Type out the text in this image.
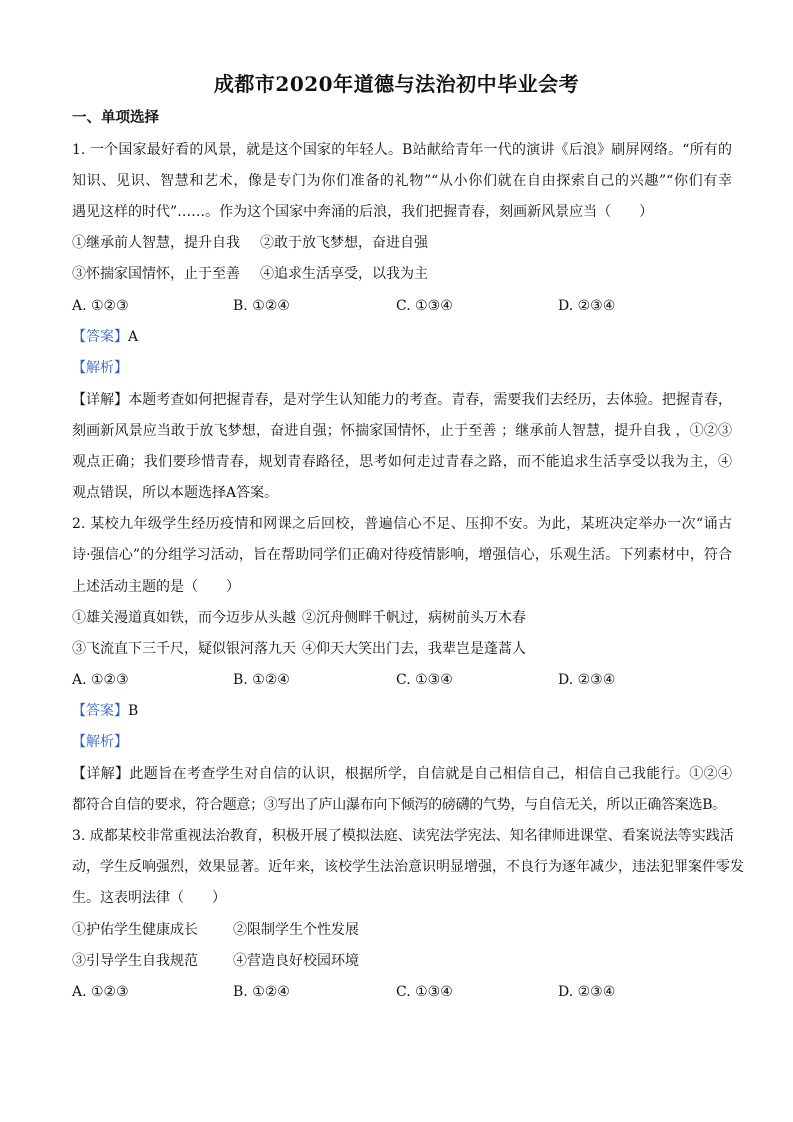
成都市2020年道德与法治初中毕业会考
一、单项选择
1. 一个国家最好看的风景，就是这个国家的年轻人。B站献给青年一代的演讲《后浪》刷屏网络。“所有的
知识、见识、智慧和艺术，像是专门为你们准备的礼物”“从小你们就在自由探索自己的兴趣”“你们有幸
遇见这样的时代”……。作为这个国家中奔涌的后浪，我们把握青春，刻画新风景应当（　　）
①继承前人智慧，提升自我 ②敢于放飞梦想，奋进自强
③怀揣家国情怀，止于至善 ④追求生活享受，以我为主
A. ①②③	B. ①②④	C. ①③④	D. ②③④
【答案】A
【解析】
【详解】本题考查如何把握青春，是对学生认知能力的考查。青春，需要我们去经历，去体验。把握青春，
刻画新风景应当敢于放飞梦想，奋进自强；怀揣家国情怀，止于至善 ；继承前人智慧，提升自我 ，①②③
观点正确；我们要珍惜青春，规划青春路径，思考如何走过青春之路，而不能追求生活享受以我为主，④
观点错误，所以本题选择A答案。
2. 某校九年级学生经历疫情和网课之后回校，普遍信心不足、压抑不安。为此，某班决定举办一次“诵古
诗·强信心”的分组学习活动，旨在帮助同学们正确对待疫情影响，增强信心，乐观生活。下列素材中，符合
上述活动主题的是（　　）
①雄关漫道真如铁，而今迈步从头越 ②沉舟侧畔千帆过，病树前头万木春
③飞流直下三千尺，疑似银河落九天 ④仰天大笑出门去，我辈岂是蓬蒿人
A. ①②③	B. ①②④	C. ①③④	D. ②③④
【答案】B
【解析】
【详解】此题旨在考查学生对自信的认识，根据所学，自信就是自己相信自己，相信自己我能行。①②④
都符合自信的要求，符合题意；③写出了庐山瀑布向下倾泻的磅礴的气势，与自信无关，所以正确答案选B。
3. 成都某校非常重视法治教育，积极开展了模拟法庭、读宪法学宪法、知名律师进课堂、看案说法等实践活
动，学生反响强烈，效果显著。近年来，该校学生法治意识明显增强，不良行为逐年减少，违法犯罪案件零发
生。这表明法律（　　）
①护佑学生健康成长	②限制学生个性发展
③引导学生自我规范	④营造良好校园环境
A. ①②③	B. ①②④	C. ①③④	D. ②③④
